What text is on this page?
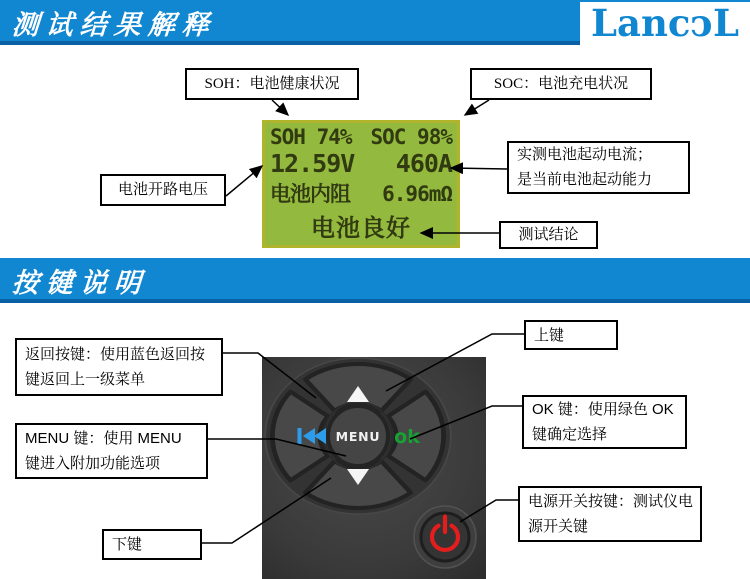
测试结果解释	LanccL
SOH 74% SOC 98%
12.59V 460A
电池内阻 6.96mΩ
电池良好
按键说明
MENU ok
SOH：电池健康状况	SOC：电池充电状况
电池开路电压
实测电池起动电流；
是当前电池起动能力
测试结论
返回按键：使用蓝色返回按
键返回上一级菜单
MENU 键：使用 MENU
键进入附加功能选项
下键
上键
OK 键：使用绿色 OK
键确定选择
电源开关按键：测试仪电
源开关键
